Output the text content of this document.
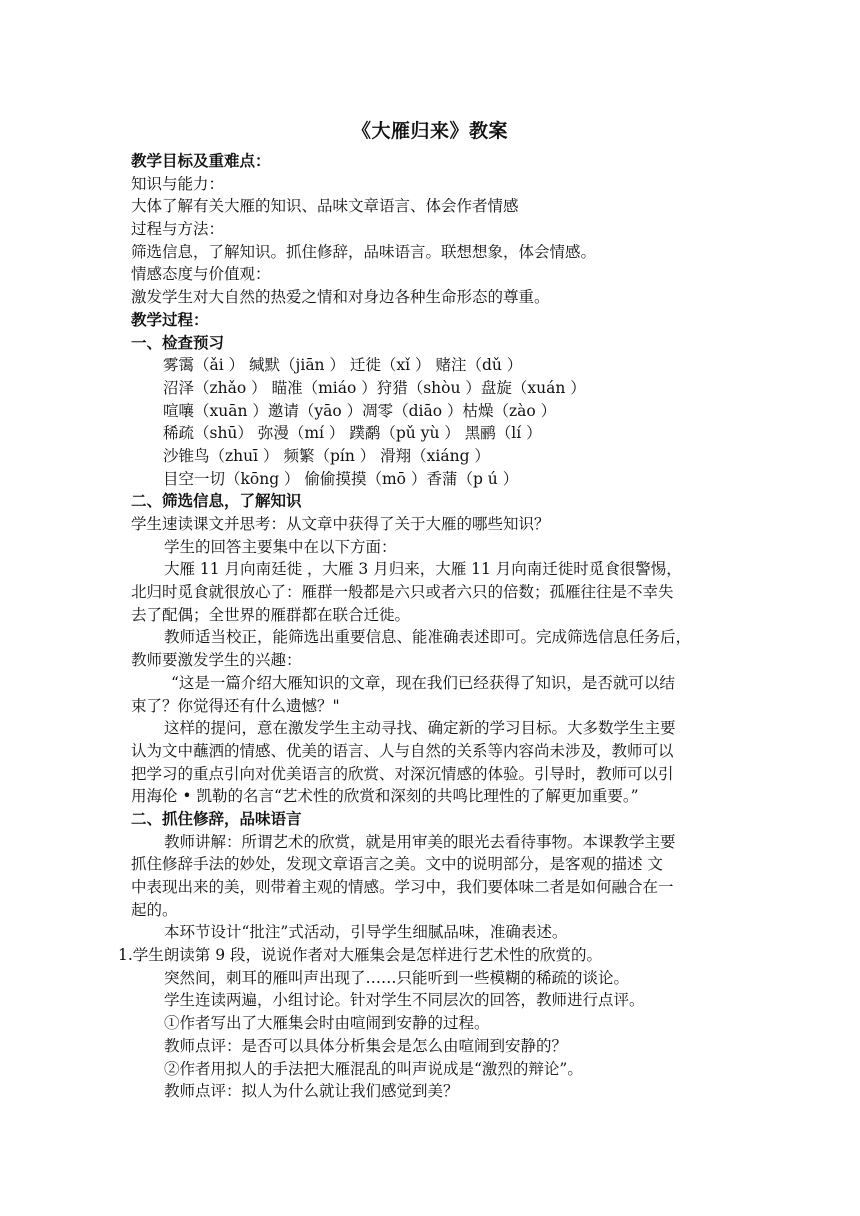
《大雁归来》教案
教学目标及重难点：
知识与能力：
大体了解有关大雁的知识、品味文章语言、体会作者情感
过程与方法：
筛选信息，了解知识。抓住修辞，品味语言。联想想象，体会情感。
情感态度与价值观：
激发学生对大自然的热爱之情和对身边各种生命形态的尊重。
教学过程：
一、检查预习
雾霭（ǎi ） 缄默（jiān ） 迁徙（xǐ ） 赌注（dǔ ）
沼泽（zhǎo ） 瞄准（miáo ）狩猎（shòu ）盘旋（xuán ）
喧嚷（xuān ）邀请（yāo ）凋零（diāo ）枯燥（zào ）
稀疏（shū） 弥漫（mí ） 蹼鹬（pǔ yù ） 黑鹂（lí ）
沙锥鸟（zhuī ） 频繁（pín ） 滑翔（xiáng ）
目空一切（kōng ） 偷偷摸摸（mō ）香蒲（p ú ）
二、筛选信息，了解知识
学生速读课文并思考：从文章中获得了关于大雁的哪些知识？
学生的回答主要集中在以下方面：
大雁 11 月向南廷徙 ，大雁 3 月归来，大雁 11 月向南迁徙时觅食很警惕，
北归时觅食就很放心了：雁群一般都是六只或者六只的倍数；孤雁往往是不幸失
去了配偶；全世界的雁群都在联合迁徙。
教师适当校正，能筛选出重要信息、能准确表述即可。完成筛选信息任务后，
教师要激发学生的兴趣：
“这是一篇介绍大雁知识的文章，现在我们已经获得了知识，是否就可以结
束了？你觉得还有什么遗憾？"
这样的提问，意在激发学生主动寻找、确定新的学习目标。大多数学生主要
认为文中蘸洒的情感、优美的语言、人与自然的关系等内容尚未涉及，教师可以
把学习的重点引向对优美语言的欣赏、对深沉情感的体验。引导时，教师可以引
用海伦 • 凯勒的名言“艺术性的欣赏和深刻的共鸣比理性的了解更加重要。”
二、抓住修辞，品味语言
教师讲解：所谓艺术的欣赏，就是用审美的眼光去看待事物。本课教学主要
抓住修辞手法的妙处，发现文章语言之美。文中的说明部分，是客观的描述 文
中表现出来的美，则带着主观的情感。学习中，我们要体味二者是如何融合在一
起的。
本环节设计“批注”式活动，引导学生细腻品味，准确表述。
1.学生朗读第 9 段，说说作者对大雁集会是怎样进行艺术性的欣赏的。
突然间，刺耳的雁叫声出现了……只能听到一些模糊的稀疏的谈论。
学生连读两遍，小组讨论。针对学生不同层次的回答，教师进行点评。
①作者写出了大雁集会时由喧闹到安静的过程。
教师点评：是否可以具体分析集会是怎么由喧闹到安静的？
②作者用拟人的手法把大雁混乱的叫声说成是“激烈的辩论”。
教师点评：拟人为什么就让我们感觉到美？
